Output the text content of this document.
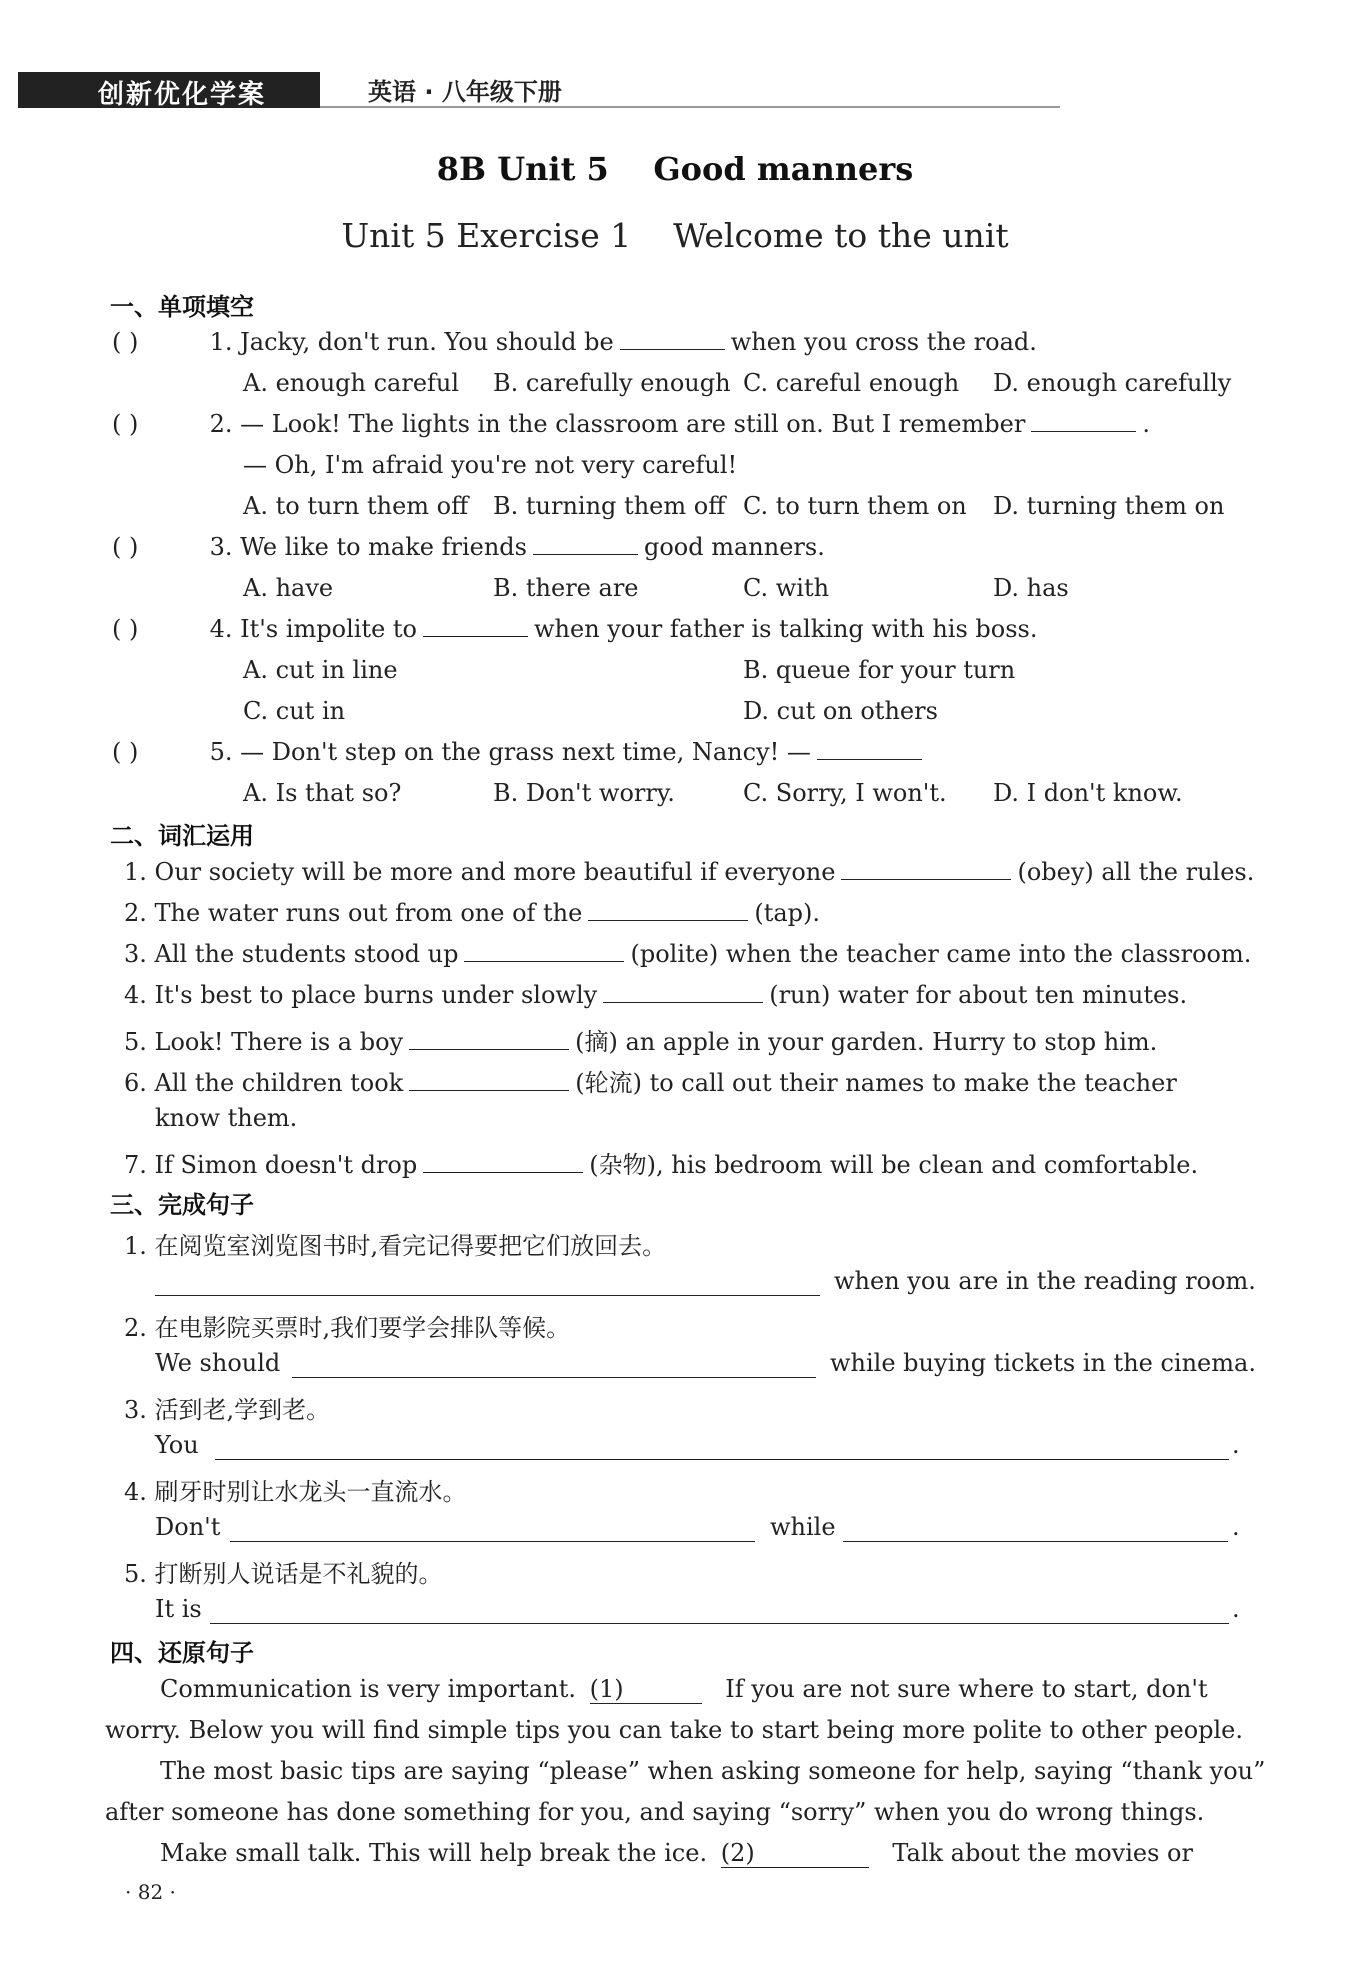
创新优化学案	英语 · 八年级下册
8B Unit 5    Good manners
Unit 5 Exercise 1    Welcome to the unit
一、单项填空
( )	1. Jacky, don't run. You should be	when you cross the road.
A. enough careful B. carefully enough C. careful enough D. enough carefully
( )	2. — Look! The lights in the classroom are still on. But I remember	.
— Oh, I'm afraid you're not very careful!
A. to turn them off B. turning them off C. to turn them on D. turning them on
( )	3. We like to make friends	good manners.
A. have	B. there are	C. with	D. has
( )	4. It's impolite to	when your father is talking with his boss.
A. cut in line	B. queue for your turn
C. cut in	D. cut on others
( )	5. — Don't step on the grass next time, Nancy! —
A. Is that so?	B. Don't worry.	C. Sorry, I won't. D. I don't know.
二、词汇运用
1. Our society will be more and more beautiful if everyone	(obey) all the rules.
2. The water runs out from one of the	(tap).
3. All the students stood up	(polite) when the teacher came into the classroom.
4. It's best to place burns under slowly	(run) water for about ten minutes.
5. Look! There is a boy	(摘) an apple in your garden. Hurry to stop him.
6. All the children took	(轮流) to call out their names to make the teacher
know them.
7. If Simon doesn't drop	(杂物), his bedroom will be clean and comfortable.
三、完成句子
1. 在阅览室浏览图书时,看完记得要把它们放回去。
when you are in the reading room.
2. 在电影院买票时,我们要学会排队等候。
We should	while buying tickets in the cinema.
3. 活到老,学到老。
You	.
4. 刷牙时别让水龙头一直流水。
Don't	while	.
5. 打断别人说话是不礼貌的。
It is	.
四、还原句子
Communication is very important. (1)	If you are not sure where to start, don't
worry. Below you will find simple tips you can take to start being more polite to other people.
The most basic tips are saying “please” when asking someone for help, saying “thank you”
after someone has done something for you, and saying “sorry” when you do wrong things.
Make small talk. This will help break the ice. (2)	Talk about the movies or
· 82 ·
